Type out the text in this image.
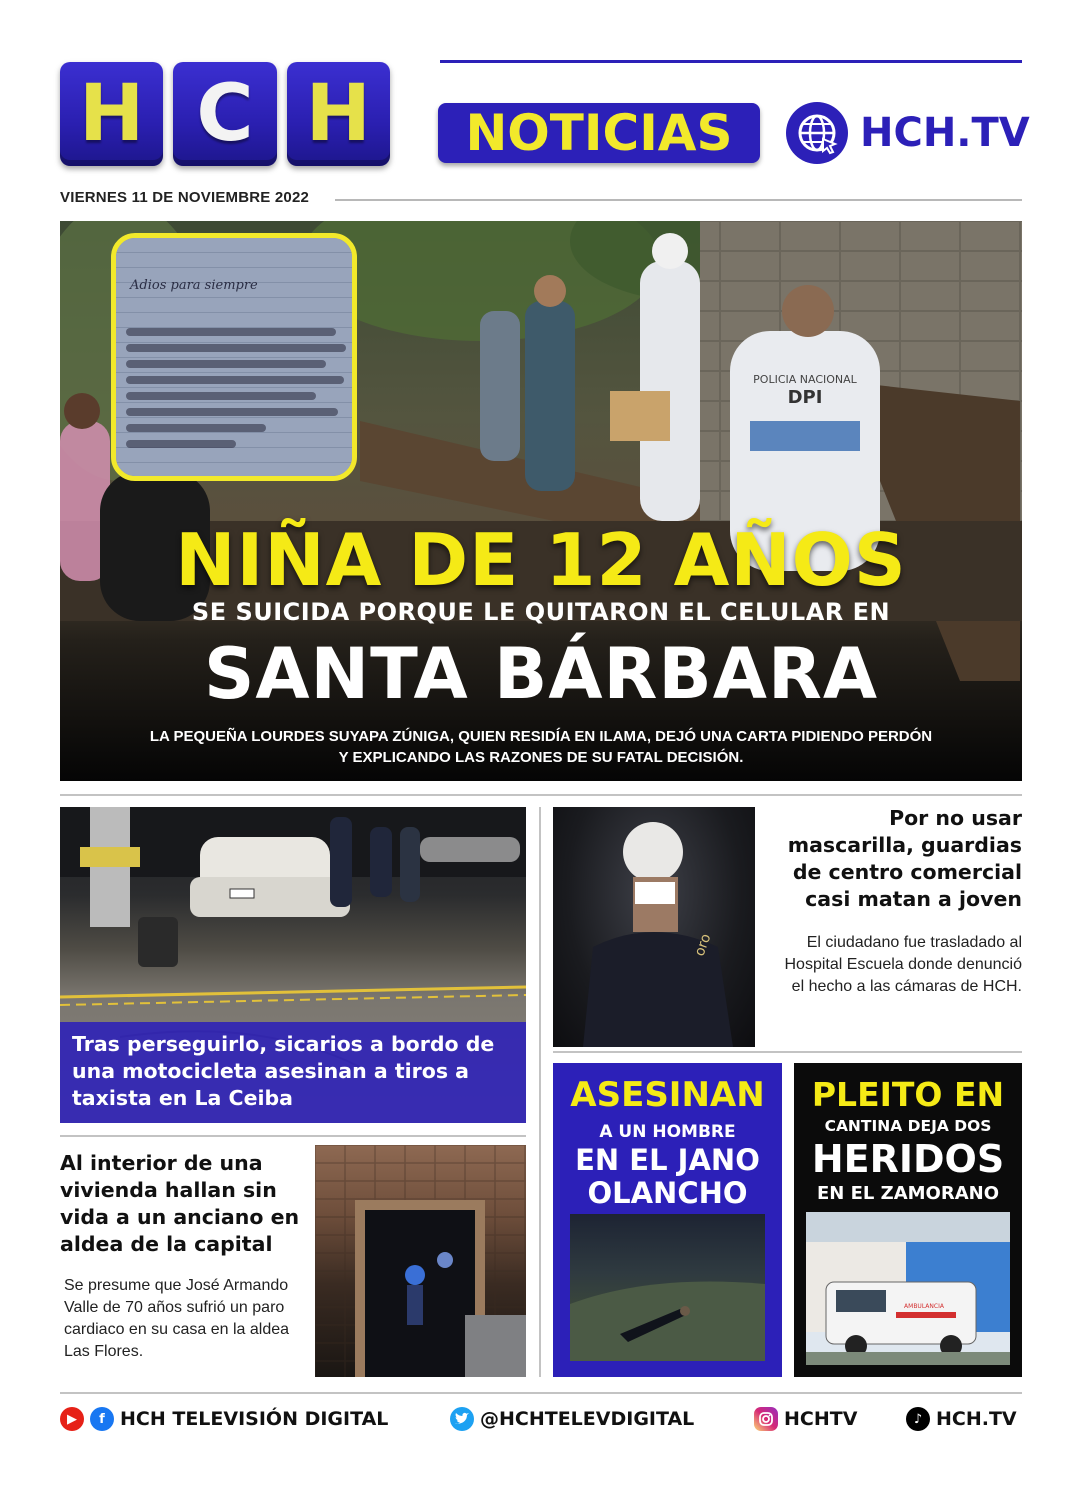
H C H NOTICIAS	HCH.TV
VIERNES 11 DE NOVIEMBRE 2022
POLICIA NACIONAL
DPI
Adios para siempre
NIÑA DE 12 AÑOS
SE SUICIDA PORQUE LE QUITARON EL CELULAR EN
SANTA BÁRBARA
LA PEQUEÑA LOURDES SUYAPA ZÚNIGA, QUIEN RESIDÍA EN ILAMA, DEJÓ UNA CARTA PIDIENDO PERDÓN
Y EXPLICANDO LAS RAZONES DE SU FATAL DECISIÓN.
Tras perseguirlo, sicarios a bordo de una motocicleta asesinan a tiros a taxista en La Ceiba
oro
Por no usar mascarilla, guardias de centro comercial casi matan a joven
El ciudadano fue trasladado al Hospital Escuela donde denunció el hecho a las cámaras de HCH.
Al interior de una vivienda hallan sin vida a un anciano en aldea de la capital
Se presume que José Armando Valle de 70 años sufrió un paro cardiaco en su casa en la aldea Las Flores.
ASESINAN
A UN HOMBRE
EN EL JANO
OLANCHO
PLEITO EN
CANTINA DEJA DOS
HERIDOS
EN EL ZAMORANO
AMBULANCIA
▶	f HCH TELEVISIÓN DIGITAL	@HCHTELEVDIGITAL	HCHTV	♪ HCH.TV
